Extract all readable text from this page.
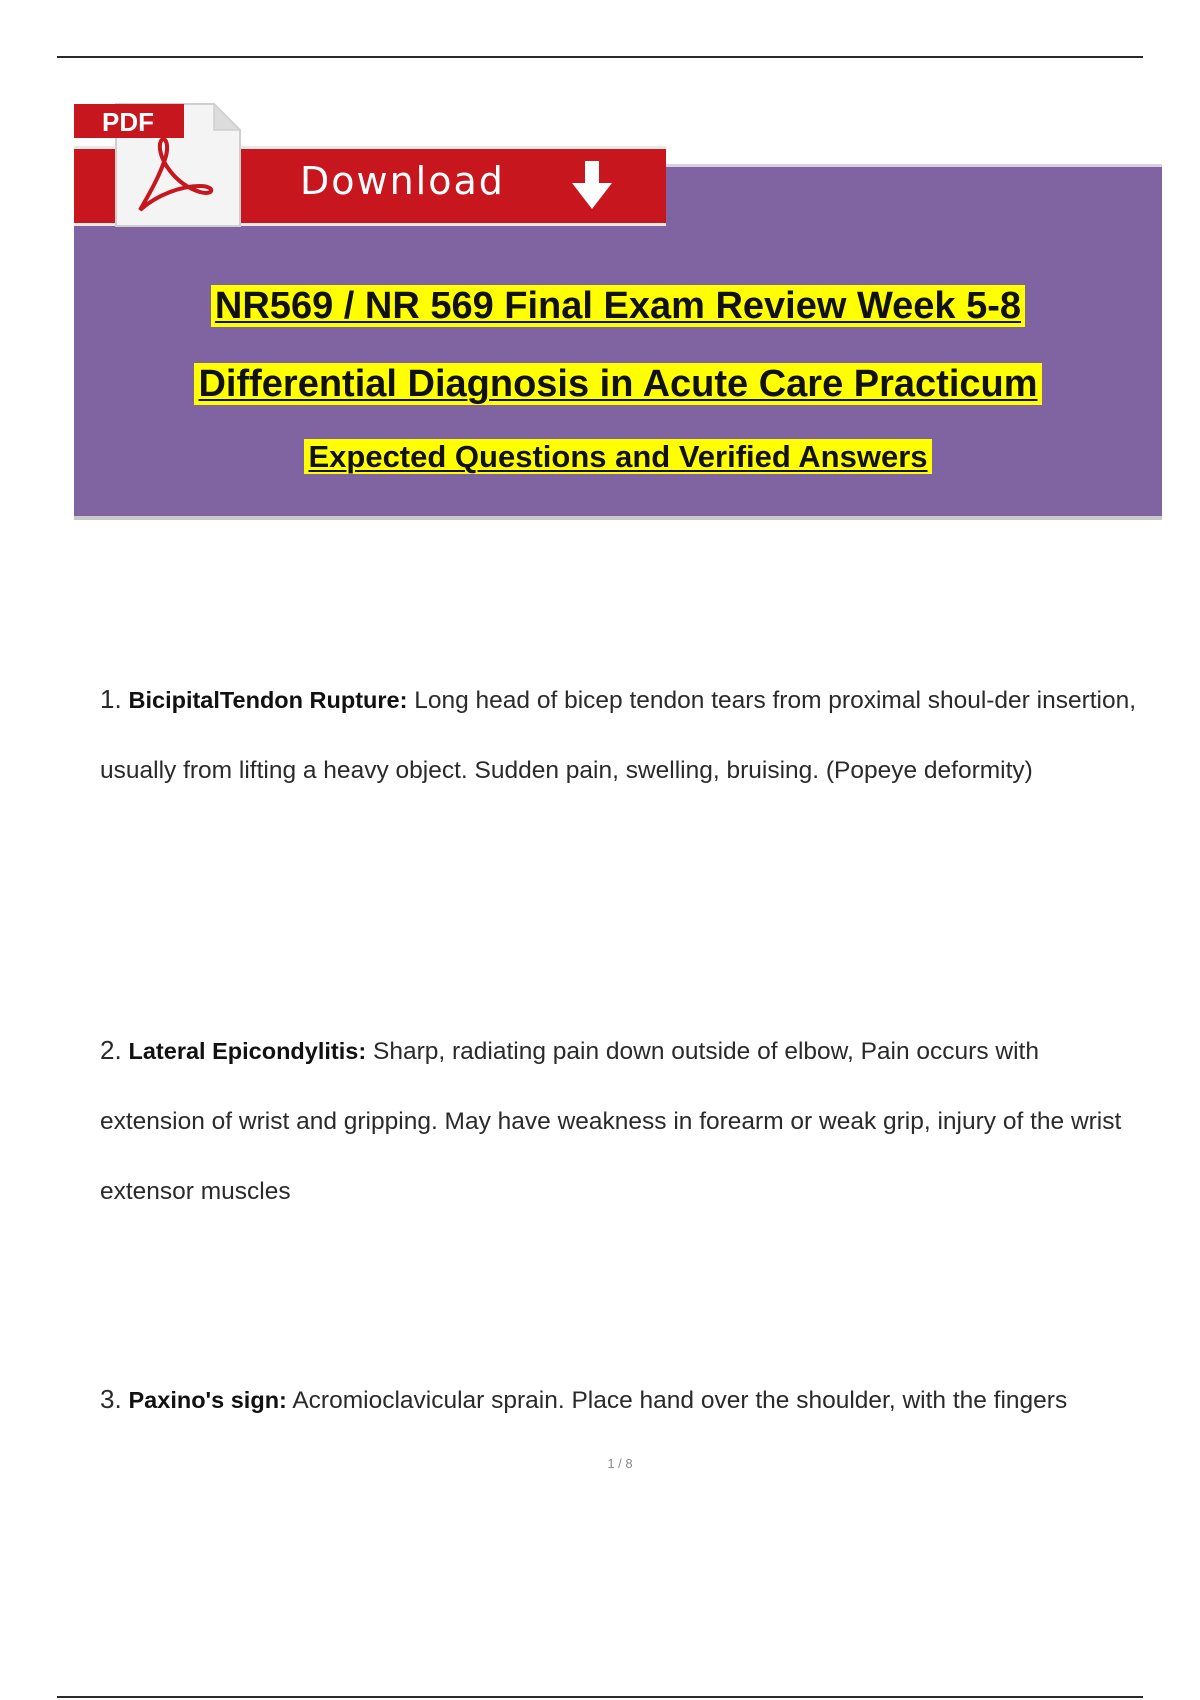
NR569 / NR 569 Final Exam Review Week 5-8
Differential Diagnosis in Acute Care Practicum
Expected Questions and Verified Answers
Download
PDF
1. BicipitalTendon Rupture: Long head of bicep tendon tears from proximal shoul-der insertion, usually from lifting a heavy object. Sudden pain, swelling, bruising. (Popeye deformity)
2. Lateral Epicondylitis: Sharp, radiating pain down outside of elbow, Pain occurs with extension of wrist and gripping. May have weakness in forearm or weak grip, injury of the wrist extensor muscles
3. Paxino's sign: Acromioclavicular sprain. Place hand over the shoulder, with the fingers
1 / 8
